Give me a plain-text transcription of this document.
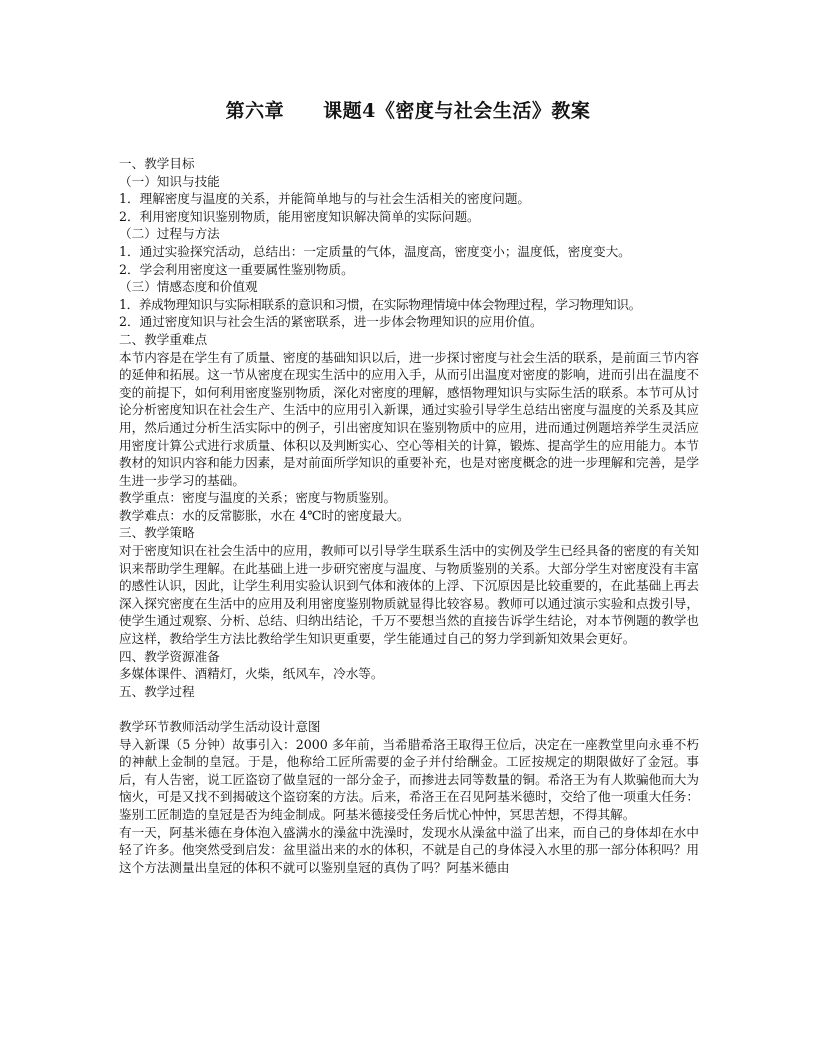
第六章　　课题4《密度与社会生活》教案
一、教学目标
（一）知识与技能
1．理解密度与温度的关系，并能简单地与的与社会生活相关的密度问题。
2．利用密度知识鉴别物质，能用密度知识解决简单的实际问题。
（二）过程与方法
1．通过实验探究活动，总结出：一定质量的气体，温度高，密度变小；温度低，密度变大。
2．学会利用密度这一重要属性鉴别物质。
（三）情感态度和价值观
1．养成物理知识与实际相联系的意识和习惯，在实际物理情境中体会物理过程，学习物理知识。
2．通过密度知识与社会生活的紧密联系，进一步体会物理知识的应用价值。
二、教学重难点
本节内容是在学生有了质量、密度的基础知识以后，进一步探讨密度与社会生活的联系，是前面三节内容的延伸和拓展。这一节从密度在现实生活中的应用入手，从而引出温度对密度的影响，进而引出在温度不变的前提下，如何利用密度鉴别物质，深化对密度的理解，感悟物理知识与实际生活的联系。本节可从讨论分析密度知识在社会生产、生活中的应用引入新课，通过实验引导学生总结出密度与温度的关系及其应用，然后通过分析生活实际中的例子，引出密度知识在鉴别物质中的应用，进而通过例题培养学生灵活应用密度计算公式进行求质量、体积以及判断实心、空心等相关的计算，锻炼、提高学生的应用能力。本节教材的知识内容和能力因素，是对前面所学知识的重要补充，也是对密度概念的进一步理解和完善，是学生进一步学习的基础。
教学重点：密度与温度的关系；密度与物质鉴别。
教学难点：水的反常膨胀，水在 4℃时的密度最大。
三、教学策略
对于密度知识在社会生活中的应用，教师可以引导学生联系生活中的实例及学生已经具备的密度的有关知识来帮助学生理解。在此基础上进一步研究密度与温度、与物质鉴别的关系。大部分学生对密度没有丰富的感性认识，因此，让学生利用实验认识到气体和液体的上浮、下沉原因是比较重要的，在此基础上再去深入探究密度在生活中的应用及利用密度鉴别物质就显得比较容易。教师可以通过演示实验和点拨引导，使学生通过观察、分析、总结、归纳出结论，千万不要想当然的直接告诉学生结论，对本节例题的教学也应这样，教给学生方法比教给学生知识更重要，学生能通过自己的努力学到新知效果会更好。
四、教学资源准备
多媒体课件、酒精灯，火柴，纸风车，冷水等。
五、教学过程
教学环节教师活动学生活动设计意图
导入新课（5 分钟）故事引入：2000 多年前，当希腊希洛王取得王位后，决定在一座教堂里向永垂不朽的神献上金制的皇冠。于是，他称给工匠所需要的金子并付给酬金。工匠按规定的期限做好了金冠。事后，有人告密，说工匠盗窃了做皇冠的一部分金子，而掺进去同等数量的铜。希洛王为有人欺骗他而大为恼火，可是又找不到揭破这个盗窃案的方法。后来，希洛王在召见阿基米德时，交给了他一项重大任务：鉴别工匠制造的皇冠是否为纯金制成。阿基米德接受任务后忧心忡忡，冥思苦想，不得其解。
有一天，阿基米德在身体泡入盛满水的澡盆中洗澡时，发现水从澡盆中溢了出来，而自己的身体却在水中轻了许多。他突然受到启发：盆里溢出来的水的体积，不就是自己的身体浸入水里的那一部分体积吗？用这个方法测量出皇冠的体积不就可以鉴别皇冠的真伪了吗？阿基米德由
